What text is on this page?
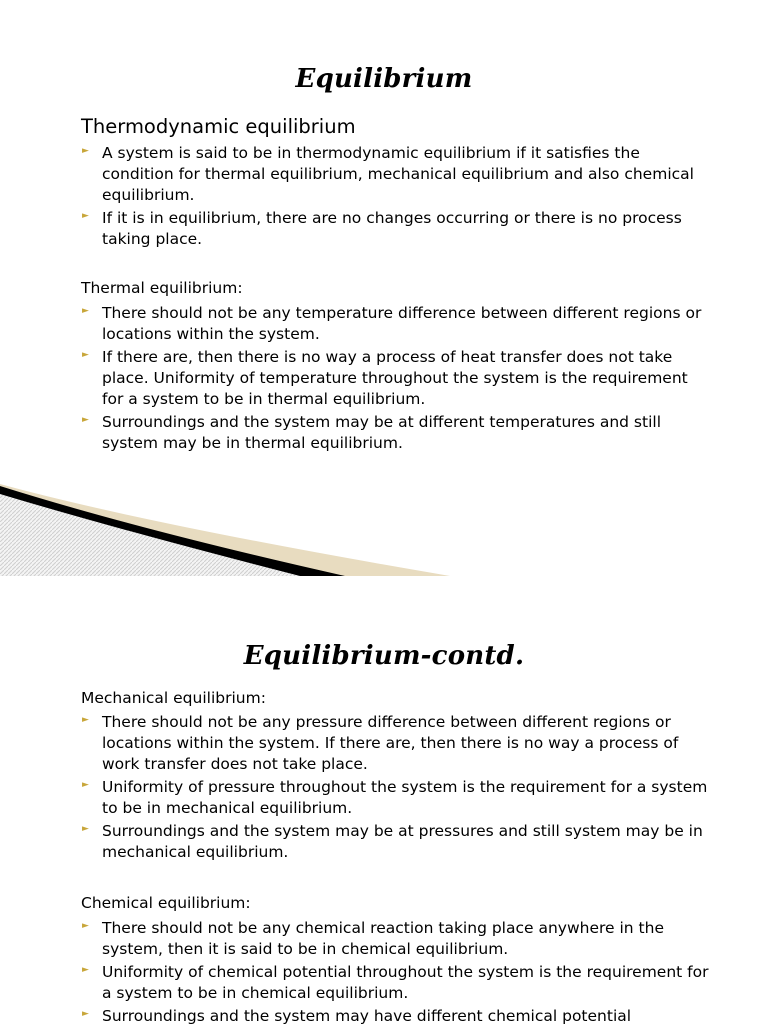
Equilibrium
Thermodynamic equilibrium
► A system is said to be in thermodynamic equilibrium if it satisfies the condition for thermal equilibrium, mechanical equilibrium and also chemical equilibrium.
► If it is in equilibrium, there are no changes occurring or there is no process taking place.
Thermal equilibrium:
► There should not be any temperature difference between different regions or locations within the system.
► If there are, then there is no way a process of heat transfer does not take place. Uniformity of temperature throughout the system is the requirement for a system to be in thermal equilibrium.
► Surroundings and the system may be at different temperatures and still system may be in thermal equilibrium.
Equilibrium-contd.
Mechanical equilibrium:
► There should not be any pressure difference between different regions or locations within the system. If there are, then there is no way a process of work transfer does not take place.
► Uniformity of pressure throughout the system is the requirement for a system to be in mechanical equilibrium.
► Surroundings and the system may be at pressures and still system may be in mechanical equilibrium.
Chemical equilibrium:
► There should not be any chemical reaction taking place anywhere in the system, then it is said to be in chemical equilibrium.
► Uniformity of chemical potential throughout the system is the requirement for a system to be in chemical equilibrium.
► Surroundings and the system may have different chemical potential
